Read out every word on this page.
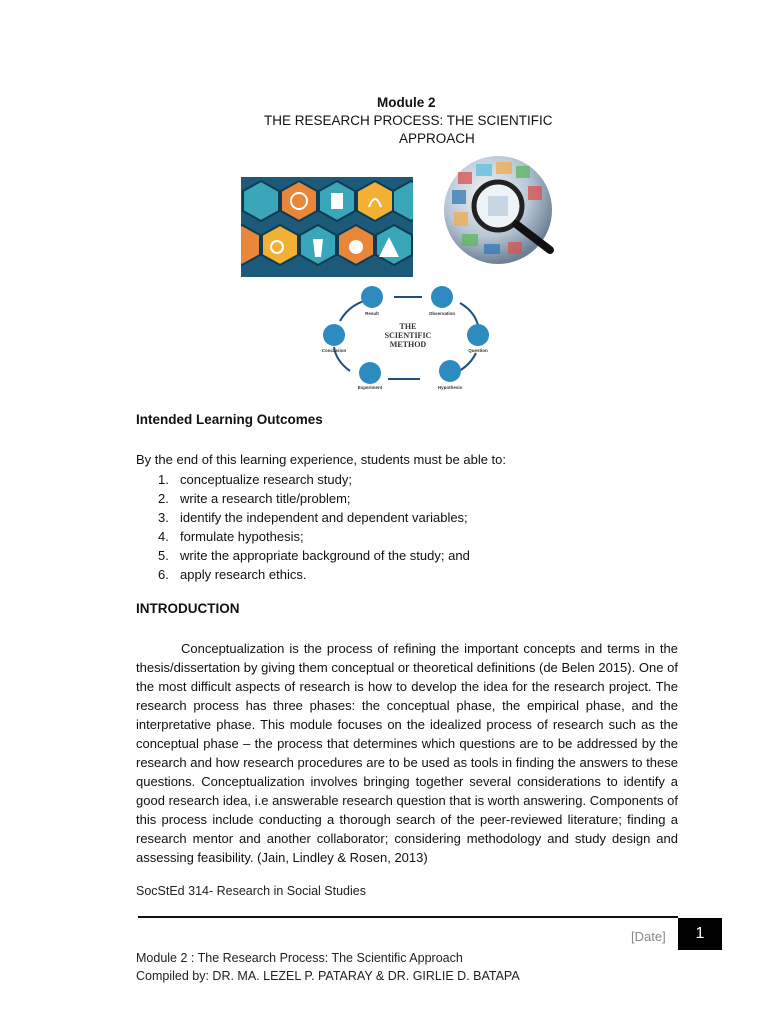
Module 2
THE RESEARCH PROCESS: THE SCIENTIFIC
APPROACH
THE
SCIENTIFIC
METHOD
Result	Observation
Question
Hypothesis
Experiment
Conclusion
Intended Learning Outcomes
By the end of this learning experience, students must be able to:
1. conceptualize research study;
2. write a research title/problem;
3. identify the independent and dependent variables;
4. formulate hypothesis;
5. write the appropriate background of the study; and
6. apply research ethics.
INTRODUCTION
Conceptualization is the process of refining the important concepts and terms in the thesis/dissertation by giving them conceptual or theoretical definitions (de Belen 2015). One of the most difficult aspects of research is how to develop the idea for the research project. The research process has three phases: the conceptual phase, the empirical phase, and the interpretative phase. This module focuses on the idealized process of research such as the conceptual phase – the process that determines which questions are to be addressed by the research and how research procedures are to be used as tools in finding the answers to these questions. Conceptualization involves bringing together several considerations to identify a good research idea, i.e answerable research question that is worth answering. Components of this process include conducting a thorough search of the peer-reviewed literature; finding a research mentor and another collaborator; considering methodology and study design and assessing feasibility. (Jain, Lindley & Rosen, 2013)
SocStEd 314- Research in Social Studies
[Date]	1
Module 2 : The Research Process: The Scientific Approach
Compiled by: DR. MA. LEZEL P. PATARAY & DR. GIRLIE D. BATAPA
